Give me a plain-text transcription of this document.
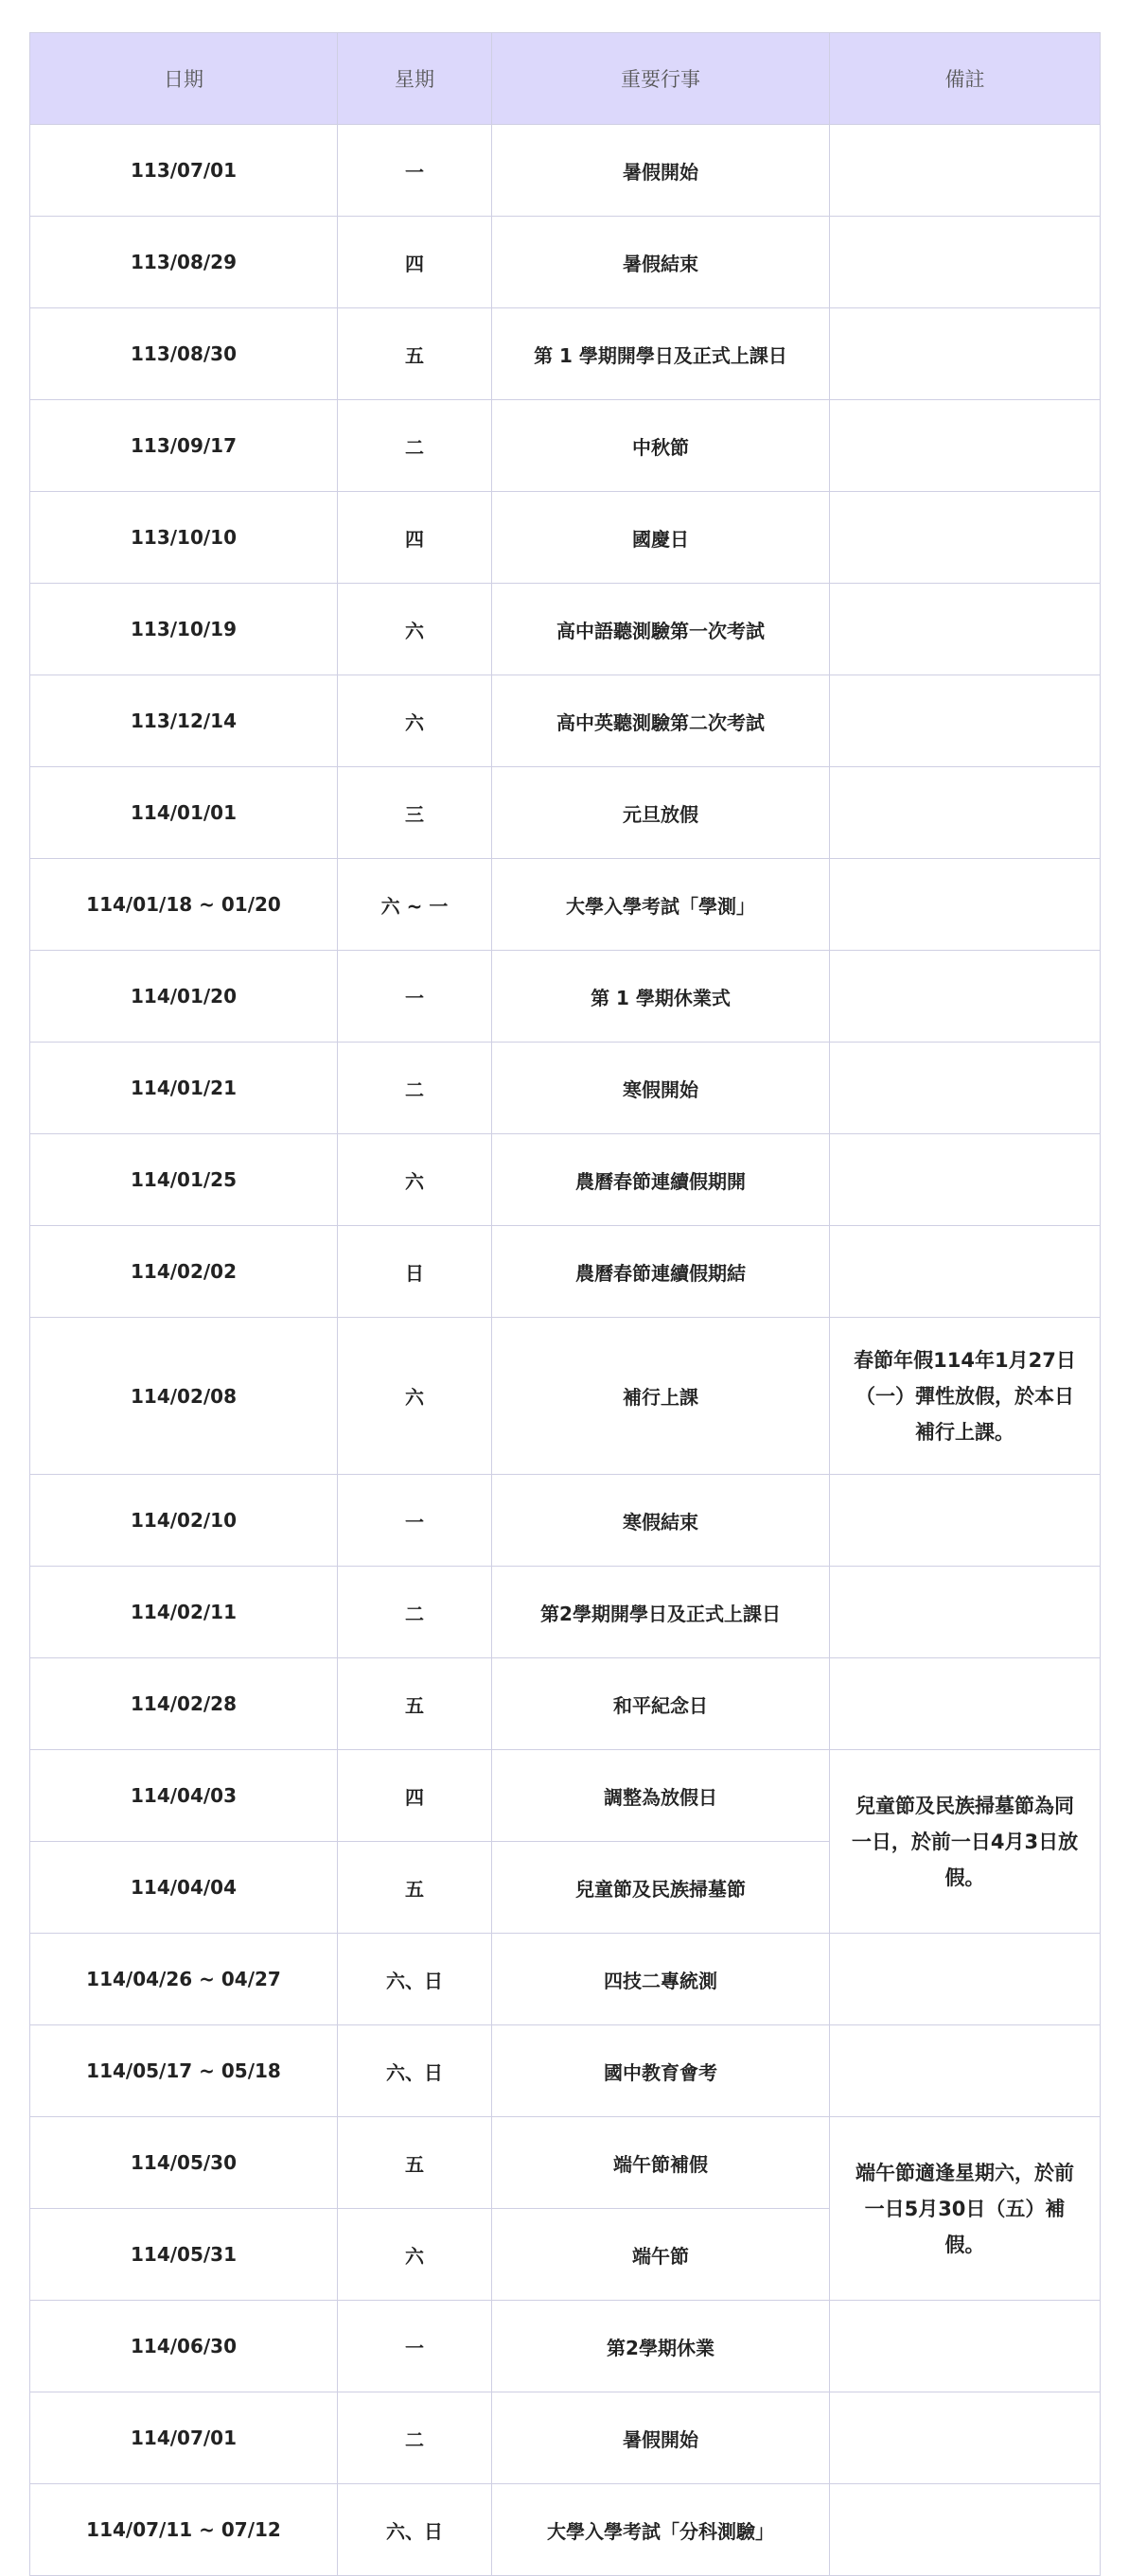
日期	星期	重要行事	備註
113/07/01	一	暑假開始	
113/08/29	四	暑假結束	
113/08/30	五	第 1 學期開學日及正式上課日	
113/09/17	二	中秋節	
113/10/10	四	國慶日	
113/10/19	六	高中語聽測驗第一次考試	
113/12/14	六	高中英聽測驗第二次考試	
114/01/01	三	元旦放假	
114/01/18 ~ 01/20	六 ~ 一	大學入學考試「學測」	
114/01/20	一	第 1 學期休業式	
114/01/21	二	寒假開始	
114/01/25	六	農曆春節連續假期開	
114/02/02	日	農曆春節連續假期結	
114/02/08	六	補行上課	春節年假114年1月27日（一）彈性放假，於本日補行上課。
114/02/10	一	寒假結束	
114/02/11	二	第2學期開學日及正式上課日	
114/02/28	五	和平紀念日	
114/04/03	四	調整為放假日	兒童節及民族掃墓節為同一日，於前一日4月3日放假。
114/04/04	五	兒童節及民族掃墓節	
114/04/26 ~ 04/27	六、日	四技二專統測	
114/05/17 ~ 05/18	六、日	國中教育會考	
114/05/30	五	端午節補假	端午節適逢星期六，於前一日5月30日（五）補假。
114/05/31	六	端午節	
114/06/30	一	第2學期休業	
114/07/01	二	暑假開始	
114/07/11 ~ 07/12	六、日	大學入學考試「分科測驗」	
